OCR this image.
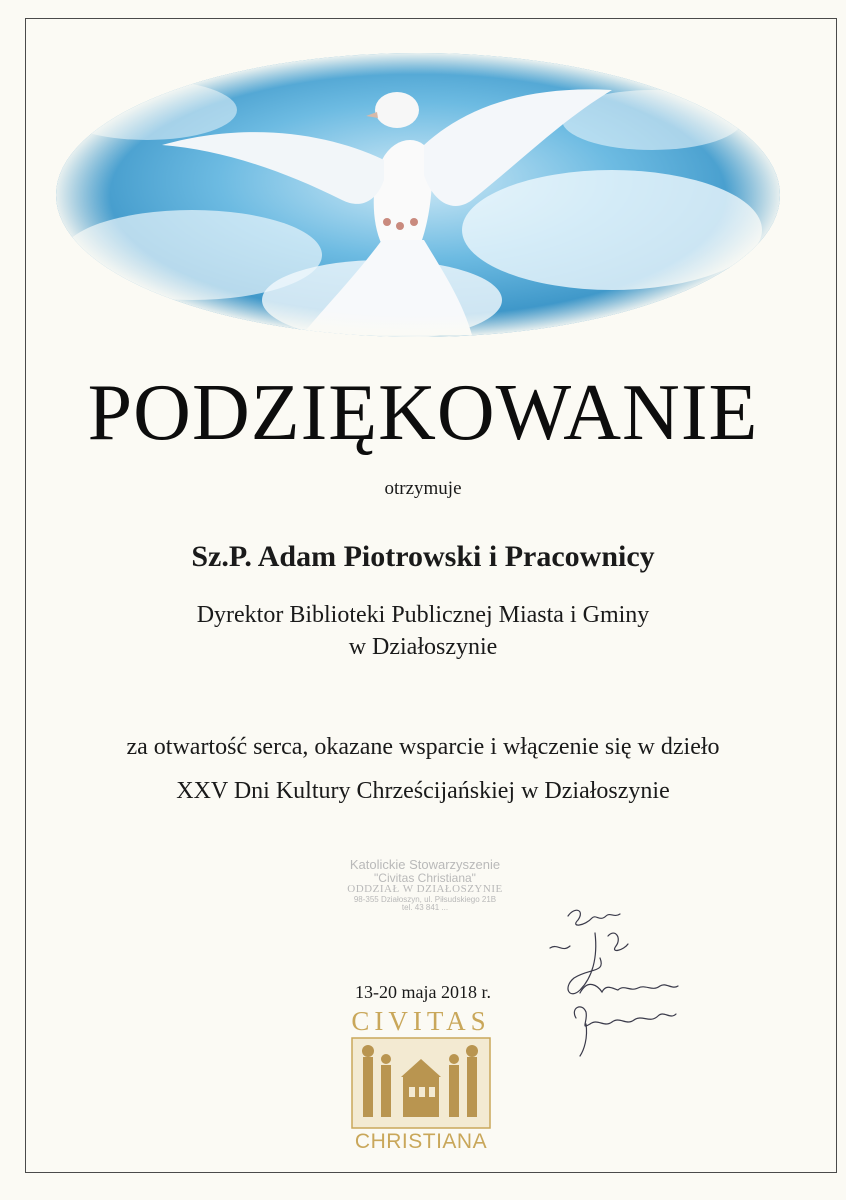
PODZIĘKOWANIE
otrzymuje
Sz.P. Adam Piotrowski i Pracownicy
Dyrektor Biblioteki Publicznej Miasta i Gminy
w Działoszynie
za otwartość serca, okazane wsparcie i włączenie się w dzieło
XXV Dni Kultury Chrześcijańskiej w Działoszynie
Katolickie Stowarzyszenie
"Civitas Christiana"
ODDZIAŁ W DZIAŁOSZYNIE
98-355 Działoszyn, ul. Piłsudskiego 21B
tel. 43 841 ...
13-20 maja 2018 r.
CIVITAS
CHRISTIANA
